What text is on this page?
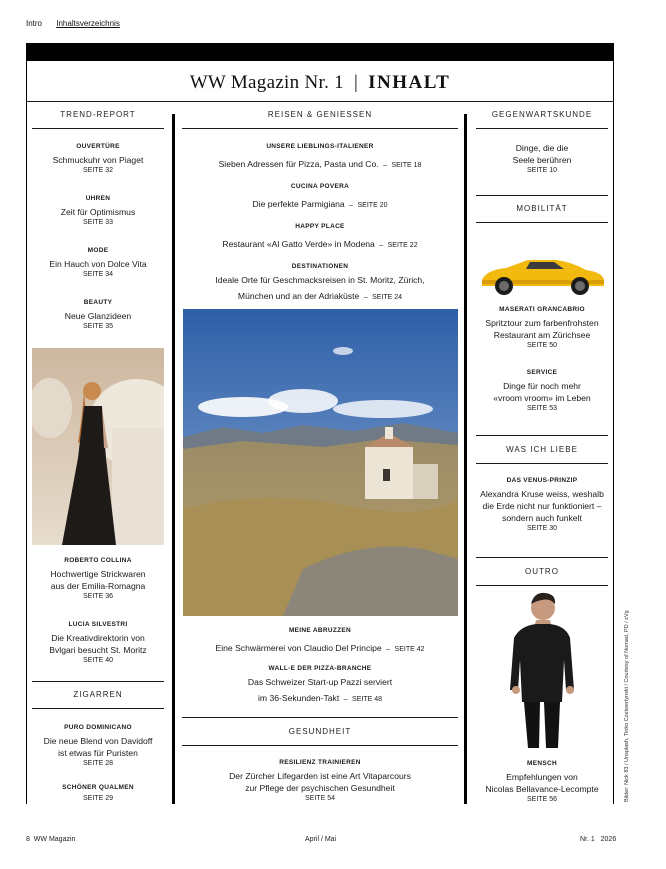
Intro Inhaltsverzeichnis
WW Magazin Nr. 1 | INHALT
TREND-REPORT
OUVERTÜRE
Schmuckuhr von Piaget
SEITE 32
UHREN
Zeit für Optimismus
SEITE 33
MODE
Ein Hauch von Dolce Vita
SEITE 34
BEAUTY
Neue Glanzideen
SEITE 35
ROBERTO COLLINA
Hochwertige Strickwaren
aus der Emilia-Romagna
SEITE 36
LUCIA SILVESTRI
Die Kreativdirektorin von
Bvlgari besucht St. Moritz
SEITE 40
ZIGARREN
PURO DOMINICANO
Die neue Blend von Davidoff
ist etwas für Puristen
SEITE 28
SCHÖNER QUALMEN
SEITE 29
REISEN & GENIESSEN
UNSERE LIEBLINGS-ITALIENER
Sieben Adressen für Pizza, Pasta und Co. – SEITE 18
CUCINA POVERA
Die perfekte Parmigiana – SEITE 20
HAPPY PLACE
Restaurant «Al Gatto Verde» in Modena – SEITE 22
DESTINATIONEN
Ideale Orte für Geschmacksreisen in St. Moritz, Zürich,
München und an der Adriaküste – SEITE 24
MEINE ABRUZZEN
Eine Schwärmerei von Claudio Del Principe – SEITE 42
WALL-E DER PIZZA-BRANCHE
Das Schweizer Start-up Pazzi serviert
im 36-Sekunden-Takt – SEITE 48
GESUNDHEIT
RESILIENZ TRAINIEREN
Der Zürcher Lifegarden ist eine Art Vitaparcours
zur Pflege der psychischen Gesundheit
SEITE 54
GEGENWARTSKUNDE
Dinge, die die
Seele berühren
SEITE 10
MOBILITÄT
MASERATI GRANCABRIO
Spritztour zum farbenfrohsten
Restaurant am Zürichsee
SEITE 50
SERVICE
Dinge für noch mehr
«vroom vroom» im Leben
SEITE 53
WAS ICH LIEBE
DAS VENUS-PRINZIP
Alexandra Kruse weiss, weshalb
die Erde nicht nur funktioniert –
sondern auch funkelt
SEITE 30
OUTRO
MENSCH
Empfehlungen von
Nicolas Bellavance-Lecompte
SEITE 56	Bilder: Nick 83 / Unsplash, Tinko Czetwertynski / Courtesy of Nomad, PD / zVg
8 WW Magazin	April / Mai	Nr. 1 2026
